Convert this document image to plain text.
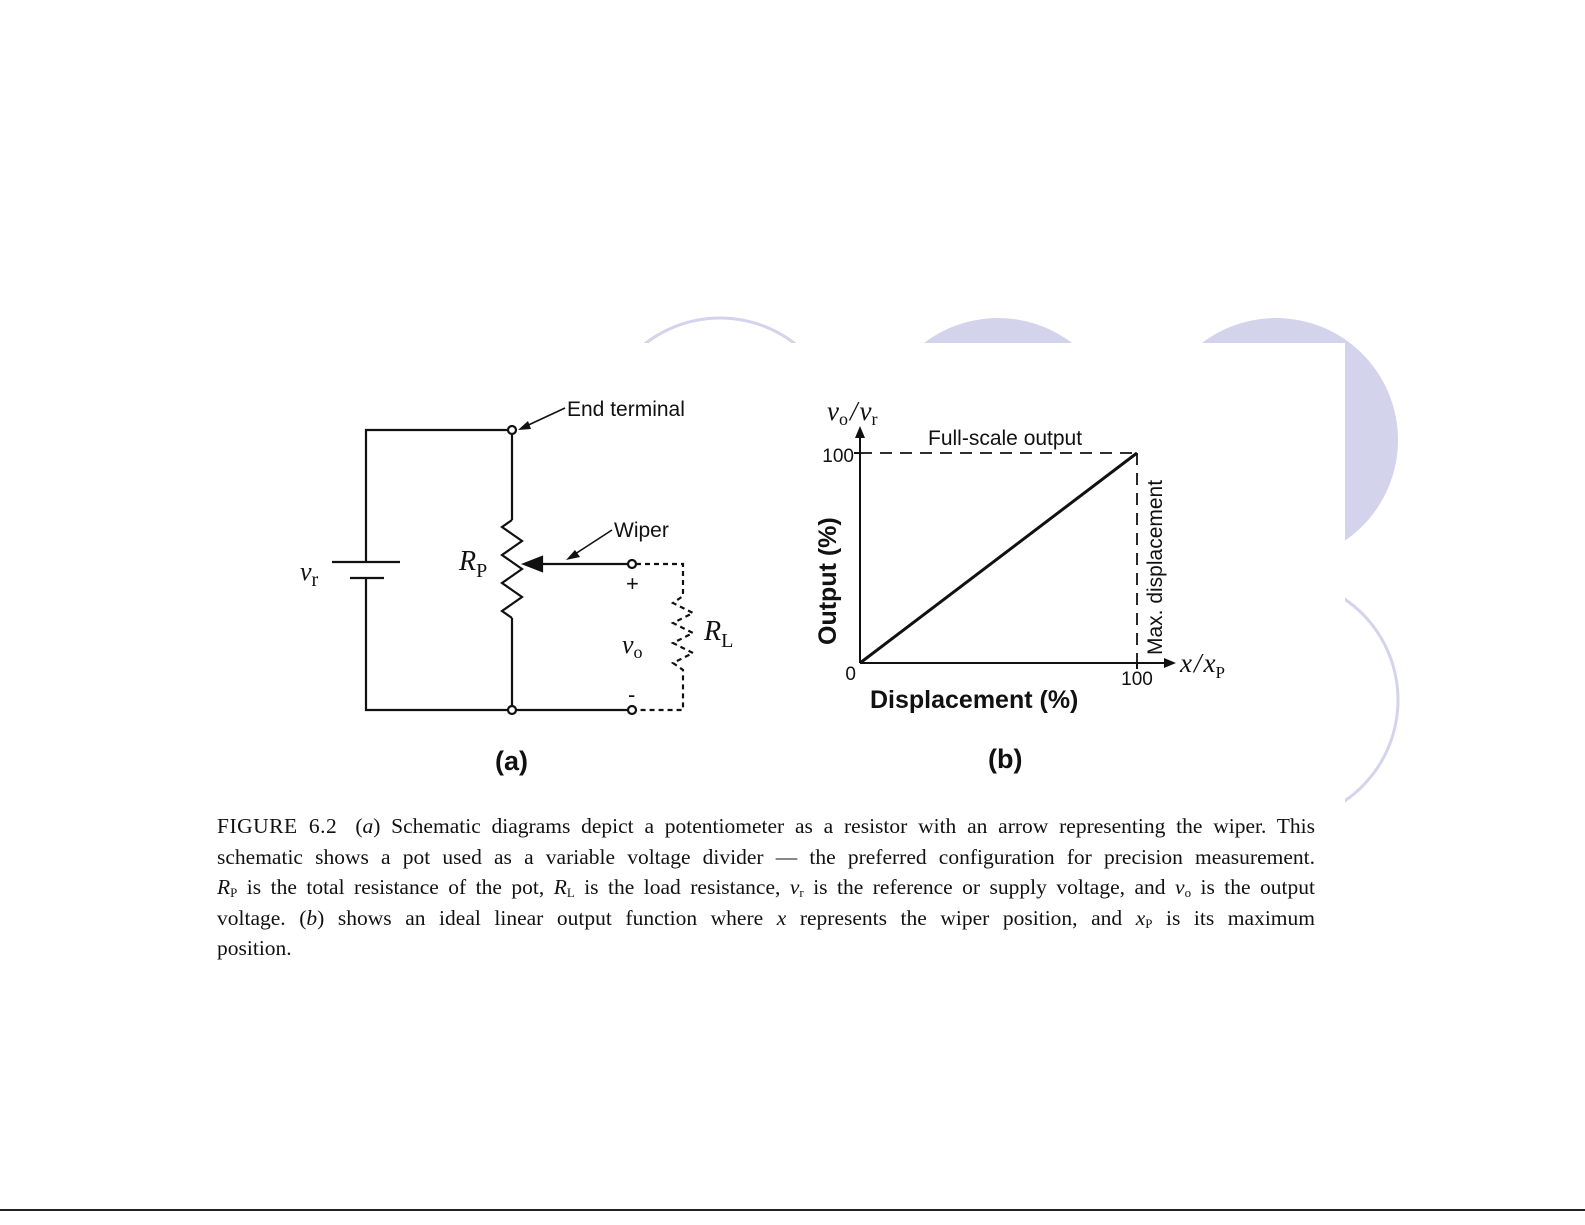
End terminal
Wiper
vr
RP
RL
vo
+
-
(a)
100
0	100
Full-scale output
Max. displacement
Output (%)
Displacement (%)
vo/vr
x/xP
(b)
FIGURE 6.2 (a) Schematic diagrams depict a potentiometer as a resistor with an arrow representing the wiper. This
schematic shows a pot used as a variable voltage divider — the preferred configuration for precision measurement.
$R_P$ is the total resistance of the pot, $R_L$ is the load resistance, $v_r$ is the reference or supply voltage, and $v_o$ is the output
voltage. (b) shows an ideal linear output function where x represents the wiper position, and $x_P$ is its maximum
position.
